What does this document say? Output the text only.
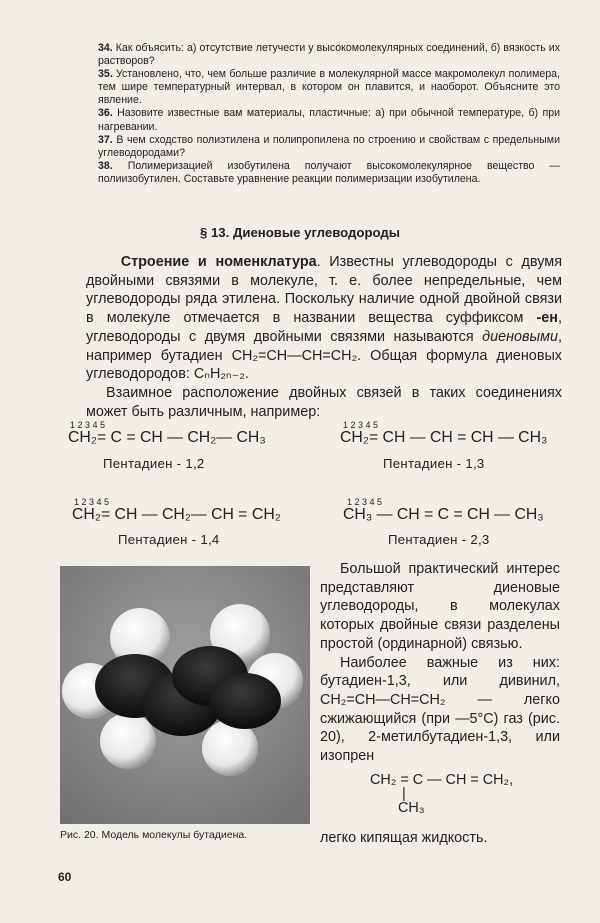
34. Как объясить: а) отсутствие летучести у высокомолекулярных соединений, б) вязкость их растворов?

35. Установлено, что, чем больше различие в молекулярной массе макромолекул полимера, тем шире температурный интервал, в котором он плавится, и наоборот. Объясните это явление.

36. Назовите известные вам материалы, пластичные: а) при обычной температуре, б) при нагревании.

37. В чем сходство полиэтилена и полипропилена по строению и свойствам с предельными углеводородами?

38. Полимеризацией изобутилена получают высокомолекулярное вещество — полиизобутилен. Составьте уравнение реакции полимеризации изобутилена.

§ 13. Диеновые углеводороды

Строение и номенклатура. Известны углеводороды с двумя двойными связями в молекуле, т. е. более непредельные, чем углеводороды ряда этилена. Поскольку наличие одной двойной связи в молекуле отмечается в названии вещества суффиксом -ен, углеводороды с двумя двойными связями называются диеновыми, например бутадиен CH₂=CH—CH=CH₂. Общая формула диеновых углеводородов: CₙH₂ₙ₋₂.

Взаимное расположение двойных связей в таких соединениях может быть различным, например:

1 2 3 4 5
CH₂= C = CH — CH₂— CH₃
Пентадиен - 1,2
1 2 3 4 5
CH₂= CH — CH = CH — CH₃
Пентадиен - 1,3
1 2 3 4 5
CH₂= CH — CH₂— CH = CH₂
Пентадиен - 1,4
1 2 3 4 5
CH₃ — CH = C = CH — CH₃
Пентадиен - 2,3

Большой практический интерес представляют диеновые углеводороды, в молекулах которых двойные связи разделены простой (ординарной) связью.

Наиболее важные из них: бутадиен-1,3, или дивинил, CH₂=CH—CH=CH₂ — легко сжижающийся (при —5°C) газ (рис. 20), 2-метилбутадиен-1,3, или изопрен

CH₂ = C — CH = CH₂,
|
CH₃
Рис. 20. Модель молекулы бутадиена.	легко кипящая жидкость.
60
